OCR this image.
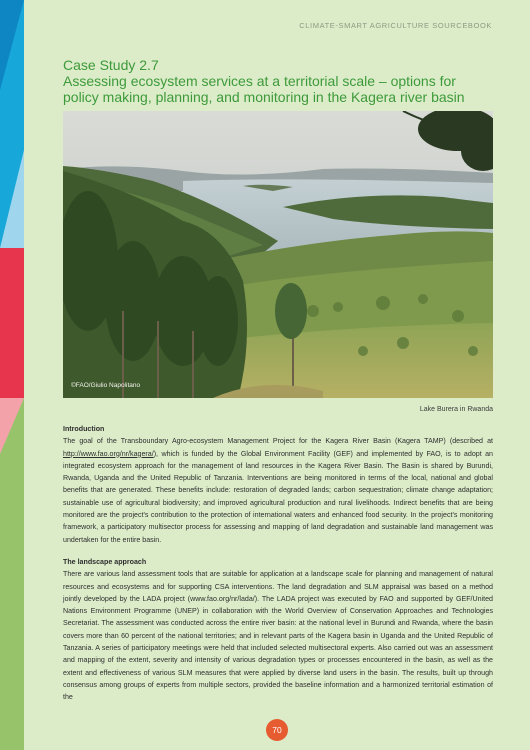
CLIMATE-SMART AGRICULTURE SOURCEBOOK

Case Study 2.7

Assessing ecosystem services at a territorial scale – options for

policy making, planning, and monitoring in the Kagera river basin

©FAO/Giulio Napolitano
Lake Burera in Rwanda
Introduction

The goal of the Transboundary Agro-ecosystem Management Project for the Kagera River Basin (Kagera TAMP) (described at http://www.fao.org/nr/kagera/), which is funded by the Global Environment Facility (GEF) and implemented by FAO, is to adopt an integrated ecosystem approach for the management of land resources in the Kagera River Basin. The Basin is shared by Burundi, Rwanda, Uganda and the United Republic of Tanzania. Interventions are being monitored in terms of the local, national and global benefits that are generated. These benefits include: restoration of degraded lands; carbon sequestration; climate change adaptation; sustainable use of agricultural biodiversity; and improved agricultural production and rural livelihoods. Indirect benefits that are being monitored are the project's contribution to the protection of international waters and enhanced food security. In the project's monitoring framework, a participatory multisector process for assessing and mapping of land degradation and sustainable land management was undertaken for the entire basin.

The landscape approach

There are various land assessment tools that are suitable for application at a landscape scale for planning and management of natural resources and ecosystems and for supporting CSA interventions. The land degradation and SLM appraisal was based on a method jointly developed by the LADA project (www.fao.org/nr/lada/). The LADA project was executed by FAO and supported by GEF/United Nations Environment Programme (UNEP) in collaboration with the World Overview of Conservation Approaches and Technologies Secretariat. The assessment was conducted across the entire river basin: at the national level in Burundi and Rwanda, where the basin covers more than 60 percent of the national territories; and in relevant parts of the Kagera basin in Uganda and the United Republic of Tanzania. A series of participatory meetings were held that included selected multisectoral experts. Also carried out was an assessment and mapping of the extent, severity and intensity of various degradation types or processes encountered in the basin, as well as the extent and effectiveness of various SLM measures that were applied by diverse land users in the basin. The results, built up through consensus among groups of experts from multiple sectors, provided the baseline information and a harmonized territorial estimation of the

70
